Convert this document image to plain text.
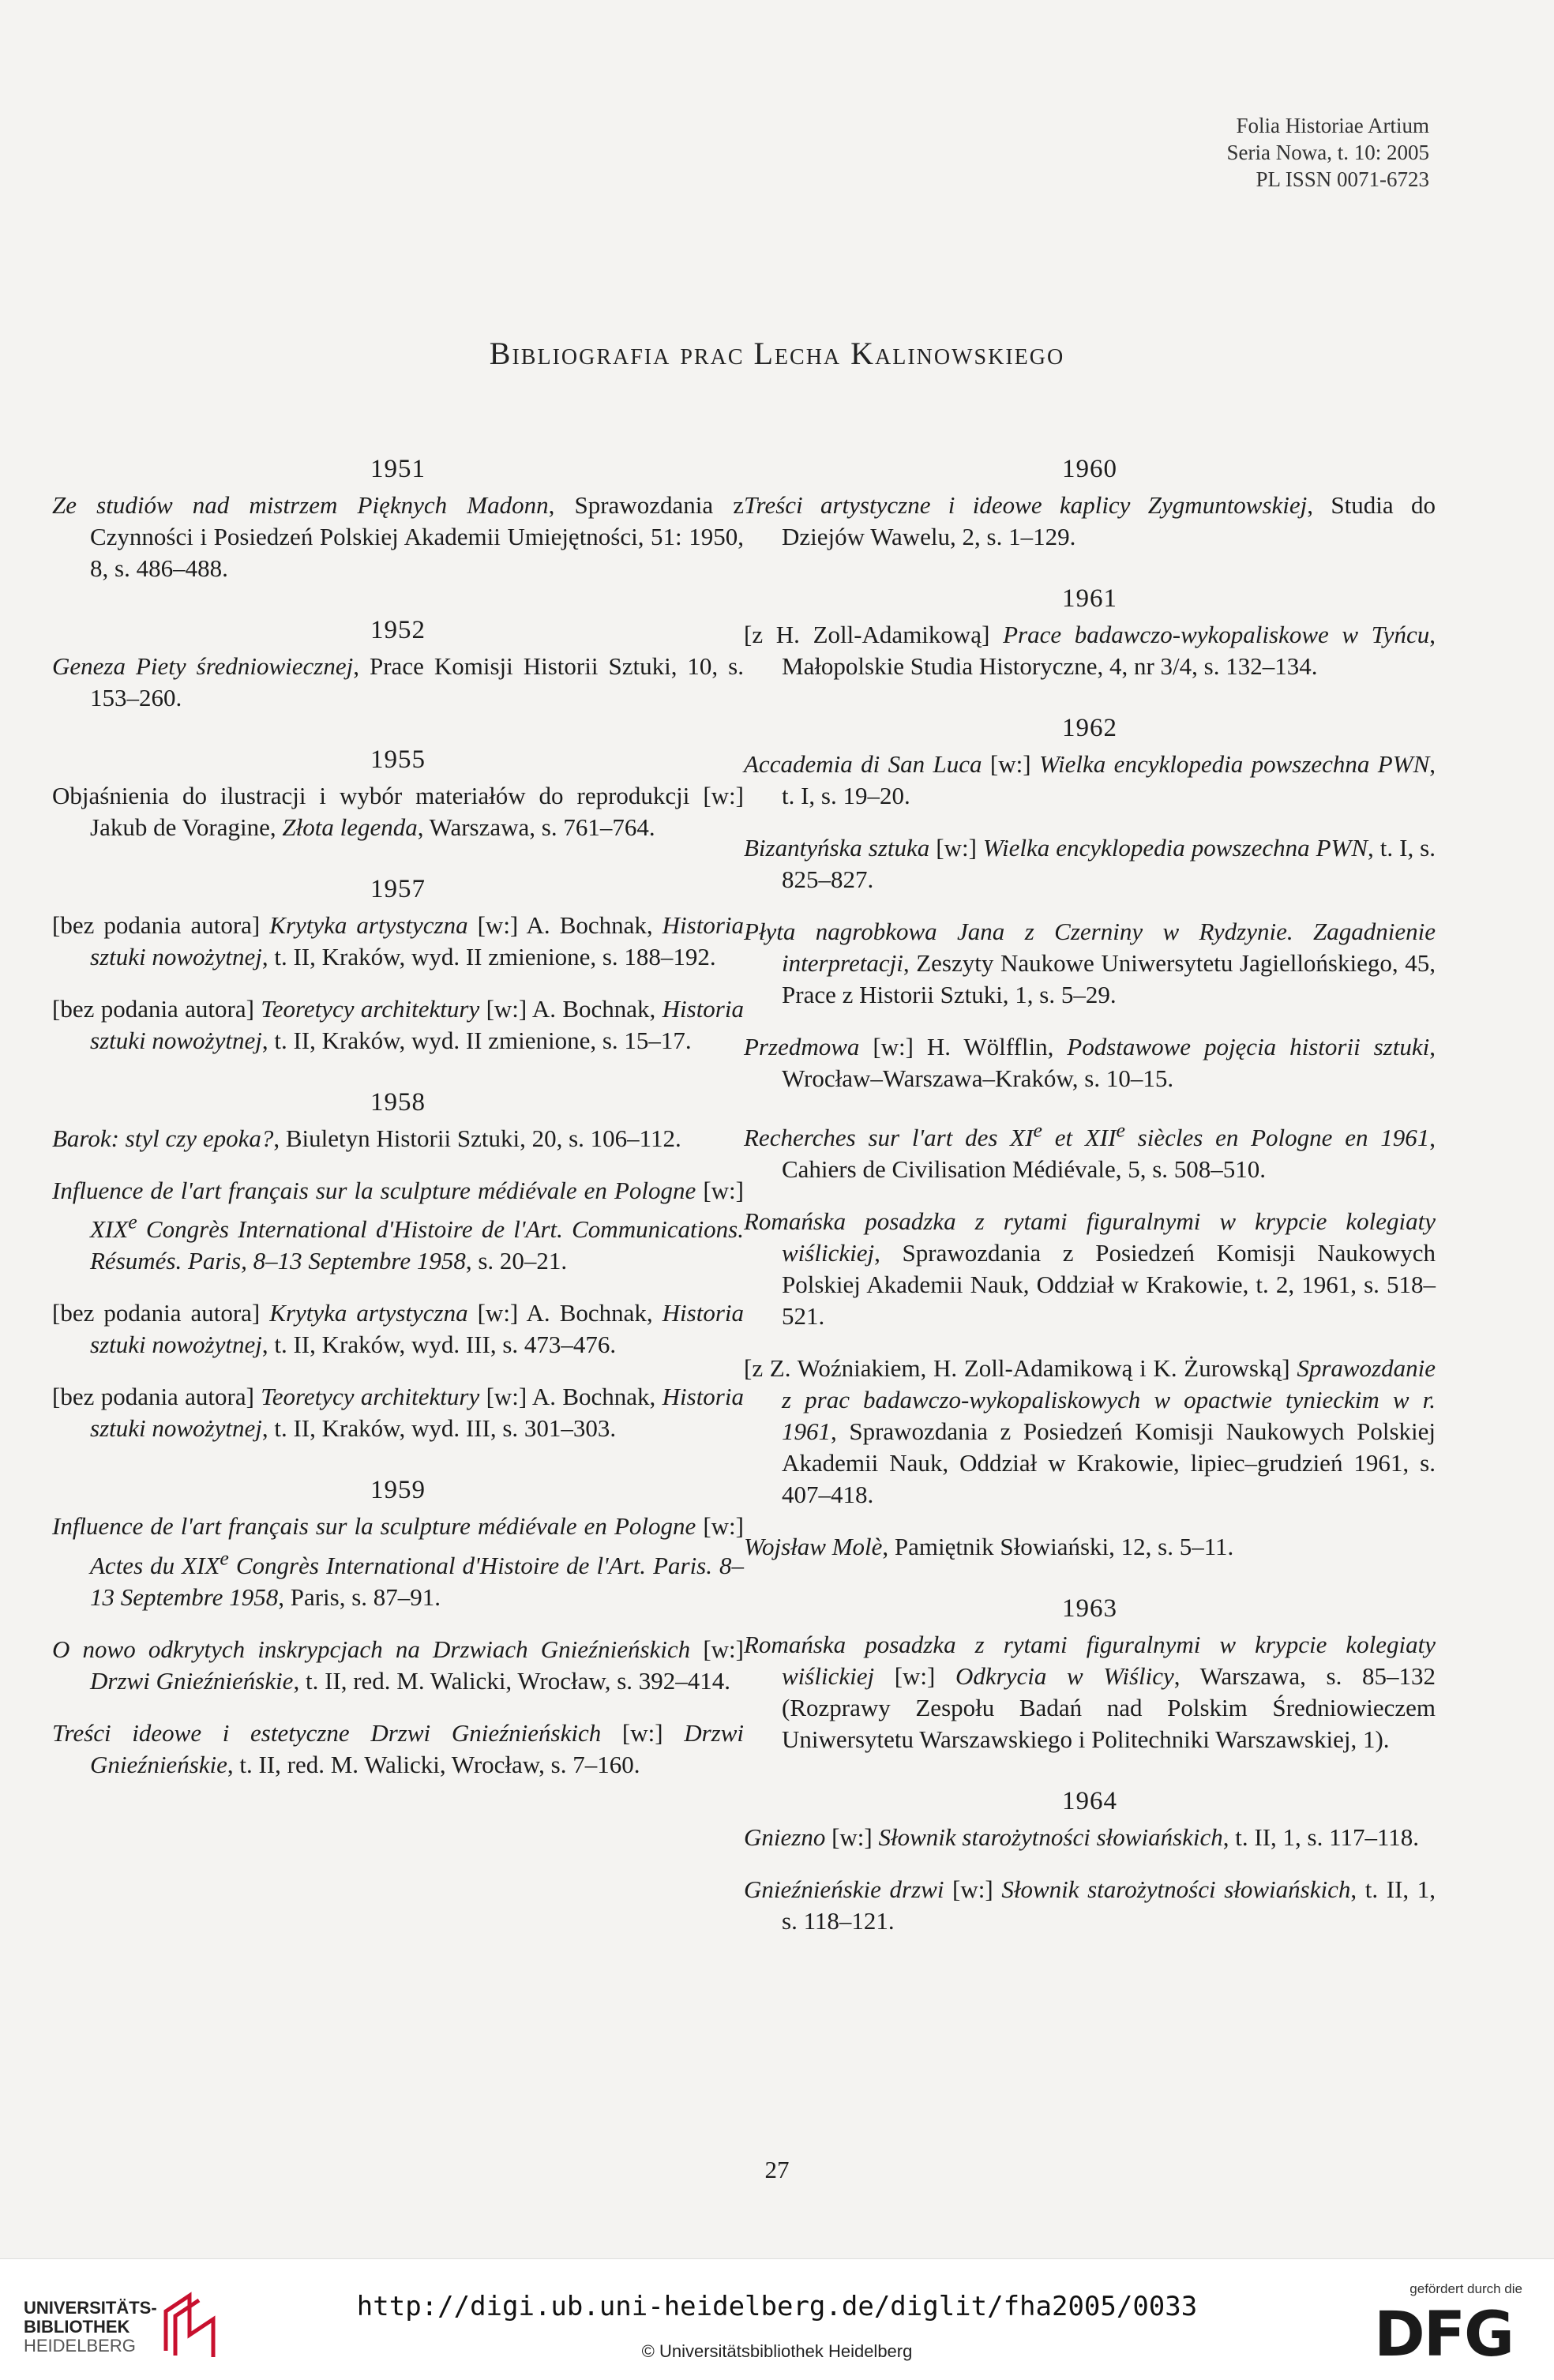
Folia Historiae Artium
Seria Nowa, t. 10: 2005
PL ISSN 0071-6723
Bibliografia prac Lecha Kalinowskiego
1951
Ze studiów nad mistrzem Pięknych Madonn, Sprawozdania z Czynności i Posiedzeń Polskiej Akademii Umiejętności, 51: 1950, 8, s. 486–488.
1952
Geneza Piety średniowiecznej, Prace Komisji Historii Sztuki, 10, s. 153–260.
1955
Objaśnienia do ilustracji i wybór materiałów do reprodukcji [w:] Jakub de Voragine, Złota legenda, Warszawa, s. 761–764.
1957
[bez podania autora] Krytyka artystyczna [w:] A. Bochnak, Historia sztuki nowożytnej, t. II, Kraków, wyd. II zmienione, s. 188–192.
[bez podania autora] Teoretycy architektury [w:] A. Bochnak, Historia sztuki nowożytnej, t. II, Kraków, wyd. II zmienione, s. 15–17.
1958
Barok: styl czy epoka?, Biuletyn Historii Sztuki, 20, s. 106–112.
Influence de l'art français sur la sculpture médiévale en Pologne [w:] XIXe Congrès International d'Histoire de l'Art. Communications. Résumés. Paris, 8–13 Septembre 1958, s. 20–21.
[bez podania autora] Krytyka artystyczna [w:] A. Bochnak, Historia sztuki nowożytnej, t. II, Kraków, wyd. III, s. 473–476.
[bez podania autora] Teoretycy architektury [w:] A. Bochnak, Historia sztuki nowożytnej, t. II, Kraków, wyd. III, s. 301–303.
1959
Influence de l'art français sur la sculpture médiévale en Pologne [w:] Actes du XIXe Congrès International d'Histoire de l'Art. Paris. 8–13 Septembre 1958, Paris, s. 87–91.
O nowo odkrytych inskrypcjach na Drzwiach Gnieźnieńskich [w:] Drzwi Gnieźnieńskie, t. II, red. M. Walicki, Wrocław, s. 392–414.
Treści ideowe i estetyczne Drzwi Gnieźnieńskich [w:] Drzwi Gnieźnieńskie, t. II, red. M. Walicki, Wrocław, s. 7–160.
1960
Treści artystyczne i ideowe kaplicy Zygmuntowskiej, Studia do Dziejów Wawelu, 2, s. 1–129.
1961
[z H. Zoll-Adamikową] Prace badawczo-wykopaliskowe w Tyńcu, Małopolskie Studia Historyczne, 4, nr 3/4, s. 132–134.
1962
Accademia di San Luca [w:] Wielka encyklopedia powszechna PWN, t. I, s. 19–20.
Bizantyńska sztuka [w:] Wielka encyklopedia powszechna PWN, t. I, s. 825–827.
Płyta nagrobkowa Jana z Czerniny w Rydzynie. Zagadnienie interpretacji, Zeszyty Naukowe Uniwersytetu Jagiellońskiego, 45, Prace z Historii Sztuki, 1, s. 5–29.
Przedmowa [w:] H. Wölfflin, Podstawowe pojęcia historii sztuki, Wrocław–Warszawa–Kraków, s. 10–15.
Recherches sur l'art des XIe et XIIe siècles en Pologne en 1961, Cahiers de Civilisation Médiévale, 5, s. 508–510.
Romańska posadzka z rytami figuralnymi w krypcie kolegiaty wiślickiej, Sprawozdania z Posiedzeń Komisji Naukowych Polskiej Akademii Nauk, Oddział w Krakowie, t. 2, 1961, s. 518–521.
[z Z. Woźniakiem, H. Zoll-Adamikową i K. Żurowską] Sprawozdanie z prac badawczo-wykopaliskowych w opactwie tynieckim w r. 1961, Sprawozdania z Posiedzeń Komisji Naukowych Polskiej Akademii Nauk, Oddział w Krakowie, lipiec–grudzień 1961, s. 407–418.
Wojsław Molè, Pamiętnik Słowiański, 12, s. 5–11.
1963
Romańska posadzka z rytami figuralnymi w krypcie kolegiaty wiślickiej [w:] Odkrycia w Wiślicy, Warszawa, s. 85–132 (Rozprawy Zespołu Badań nad Polskim Średniowieczem Uniwersytetu Warszawskiego i Politechniki Warszawskiej, 1).
1964
Gniezno [w:] Słownik starożytności słowiańskich, t. II, 1, s. 117–118.
Gnieźnieńskie drzwi [w:] Słownik starożytności słowiańskich, t. II, 1, s. 118–121.
27
UNIVERSITÄTS-
BIBLIOTHEK
HEIDELBERG
http://digi.ub.uni-heidelberg.de/diglit/fha2005/0033
© Universitätsbibliothek Heidelberg
gefördert durch die
DFG
